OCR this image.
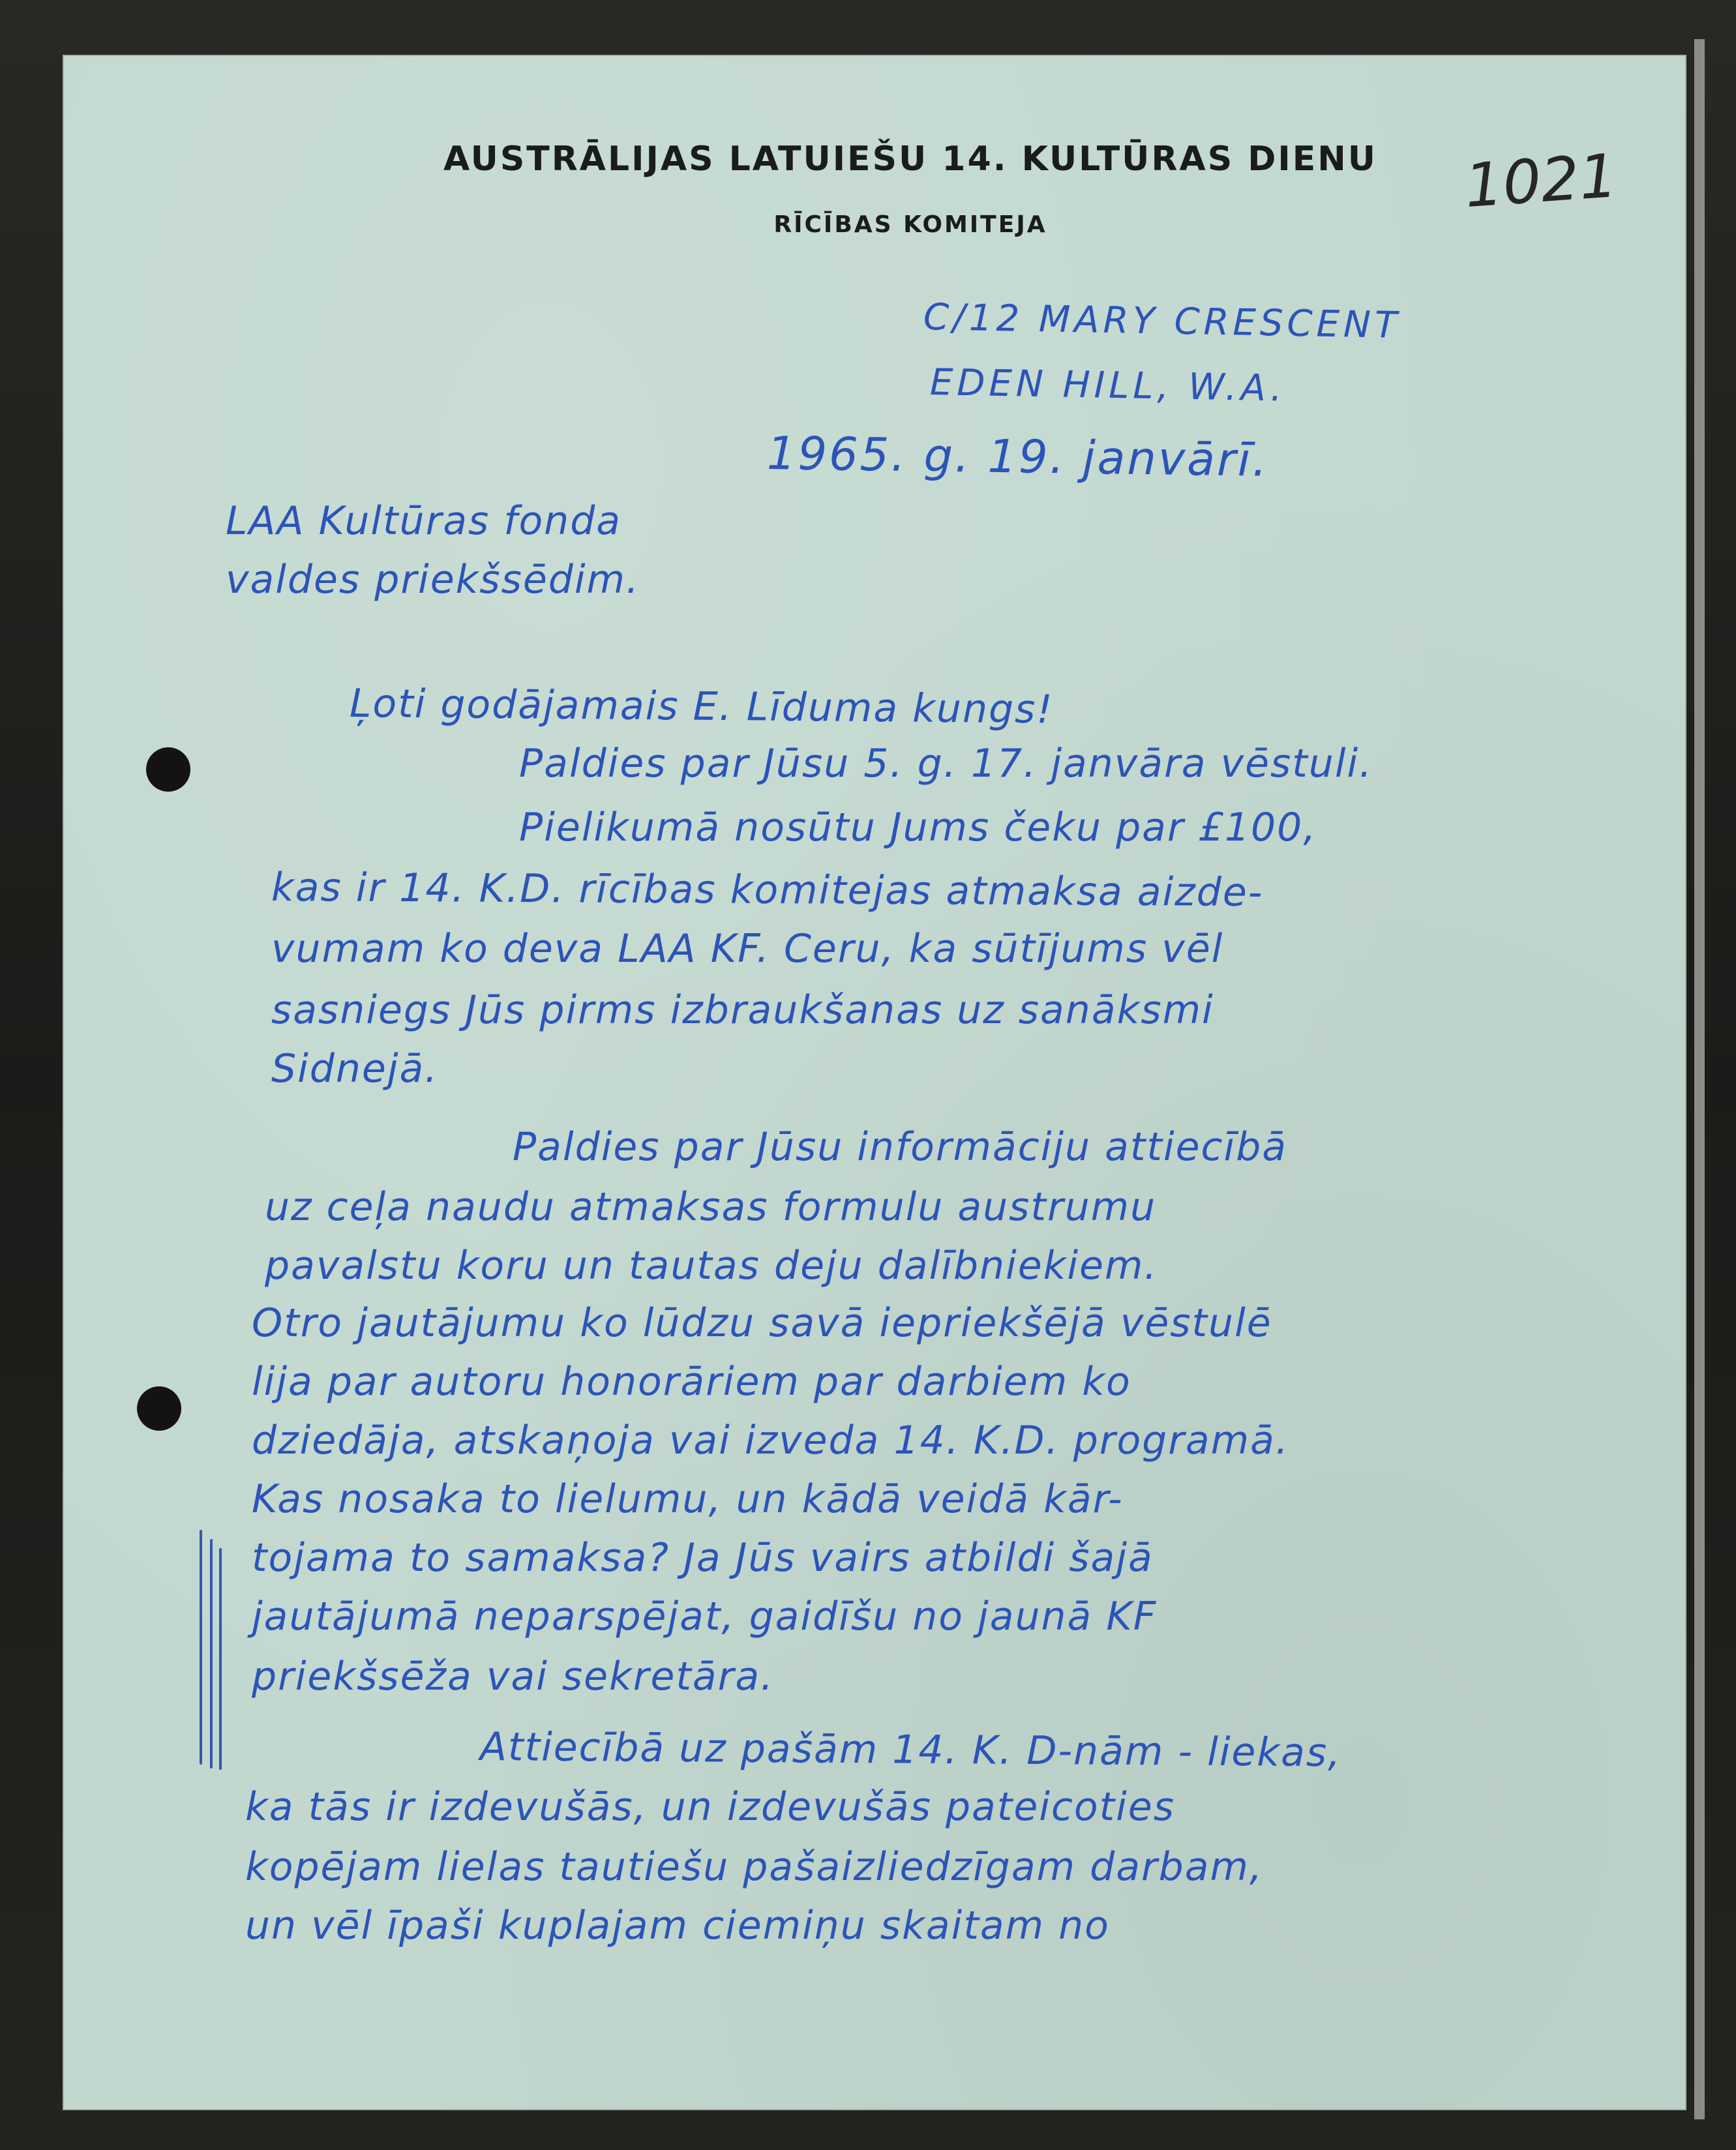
AUSTRĀLIJAS LATUIEŠU 14. KULTŪRAS DIENU
RĪCĪBAS KOMITEJA
1021
C/12 MARY CRESCENT
EDEN HILL, W.A.
1965. g. 19. janvārī.
LAA Kultūras fonda
valdes priekšsēdim.
Ļoti godājamais E. Līduma kungs!
Paldies par Jūsu 5. g. 17. janvāra vēstuli.
Pielikumā nosūtu Jums čeku par £100,
kas ir 14. K.D. rīcības komitejas atmaksa aizde-
vumam ko deva LAA KF. Ceru, ka sūtījums vēl
sasniegs Jūs pirms izbraukšanas uz sanāksmi
Sidnejā.
Paldies par Jūsu informāciju attiecībā
uz ceļa naudu atmaksas formulu austrumu
pavalstu koru un tautas deju dalībniekiem.
Otro jautājumu ko lūdzu savā iepriekšējā vēstulē
lija par autoru honorāriem par darbiem ko
dziedāja, atskaņoja vai izveda 14. K.D. programā.
Kas nosaka to lielumu, un kādā veidā kār-
tojama to samaksa? Ja Jūs vairs atbildi šajā
jautājumā neparspējat, gaidīšu no jaunā KF
priekšsēža vai sekretāra.
Attiecībā uz pašām 14. K. D-nām - liekas,
ka tās ir izdevušās, un izdevušās pateicoties
kopējam lielas tautiešu pašaizliedzīgam darbam,
un vēl īpaši kuplajam ciemiņu skaitam no
